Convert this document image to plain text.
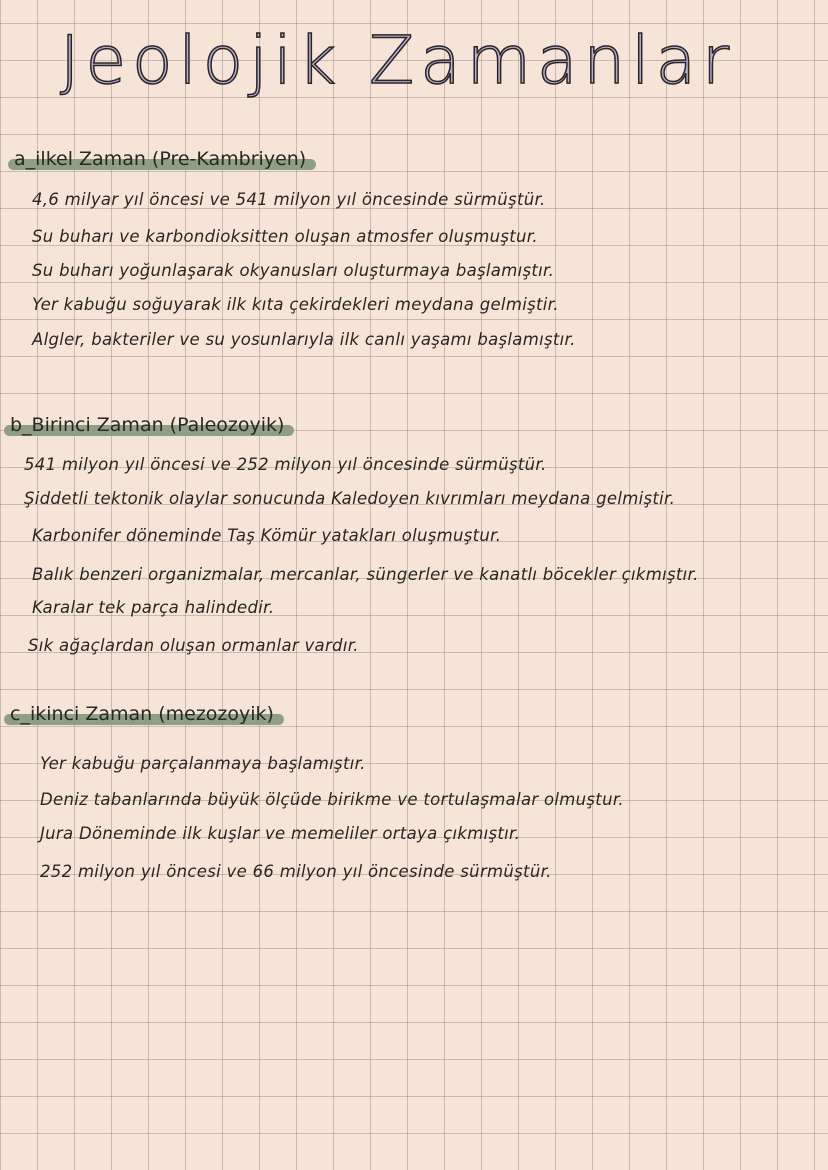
Jeolojik Zamanlar
a_ilkel Zaman (Pre-Kambriyen)
4,6 milyar yıl öncesi ve 541 milyon yıl öncesinde sürmüştür.
Su buharı ve karbondioksitten oluşan atmosfer oluşmuştur.
Su buharı yoğunlaşarak okyanusları oluşturmaya başlamıştır.
Yer kabuğu soğuyarak ilk kıta çekirdekleri meydana gelmiştir.
Algler, bakteriler ve su yosunlarıyla ilk canlı yaşamı başlamıştır.
b_Birinci Zaman (Paleozoyik)
541 milyon yıl öncesi ve 252 milyon yıl öncesinde sürmüştür.
Şiddetli tektonik olaylar sonucunda Kaledoyen kıvrımları meydana gelmiştir.
Karbonifer döneminde Taş Kömür yatakları oluşmuştur.
Balık benzeri organizmalar, mercanlar, süngerler ve kanatlı böcekler çıkmıştır.
Karalar tek parça halindedir.
Sık ağaçlardan oluşan ormanlar vardır.
c_ikinci Zaman (mezozoyik)
Yer kabuğu parçalanmaya başlamıştır.
Deniz tabanlarında büyük ölçüde birikme ve tortulaşmalar olmuştur.
Jura Döneminde ilk kuşlar ve memeliler ortaya çıkmıştır.
252 milyon yıl öncesi ve 66 milyon yıl öncesinde sürmüştür.
